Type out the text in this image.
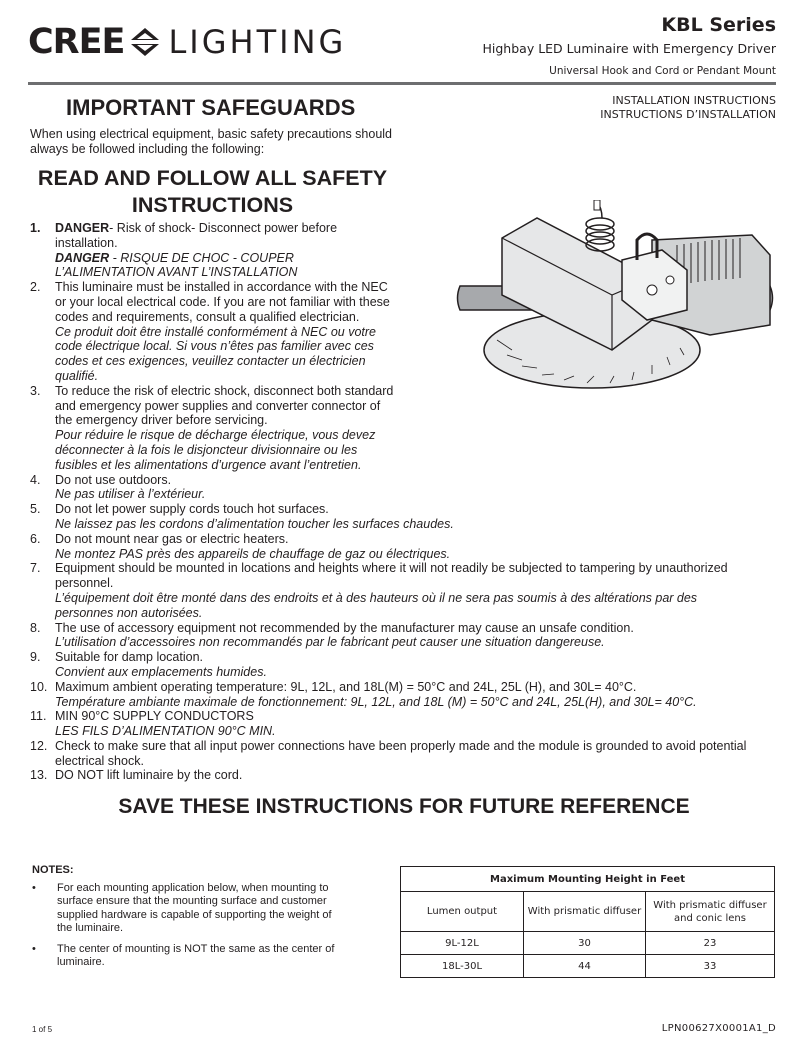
CREE LIGHTING	KBL Series
Highbay LED Luminaire with Emergency Driver
Universal Hook and Cord or Pendant Mount
INSTALLATION INSTRUCTIONS
INSTRUCTIONS D’INSTALLATION
IMPORTANT SAFEGUARDS
When using electrical equipment, basic safety precautions should always be followed including the following:
READ AND FOLLOW ALL SAFETY INSTRUCTIONS
1.	DANGER- Risk of shock- Disconnect power before installation.
DANGER - RISQUE DE CHOC - COUPER L’ALIMENTATION AVANT L’INSTALLATION
2.	This luminaire must be installed in accordance with the NEC or your local electrical code. If you are not familiar with these codes and requirements, consult a qualified electrician.
Ce produit doit être installé conformément à NEC ou votre code électrique local. Si vous n’êtes pas familier avec ces codes et ces exigences, veuillez contacter un électricien qualifié.
3.	To reduce the risk of electric shock, disconnect both standard and emergency power supplies and converter connector of the emergency driver before servicing.
Pour réduire le risque de décharge électrique, vous devez déconnecter à la fois le disjoncteur divisionnaire ou les fusibles et les alimentations d’urgence avant l’entretien.
4.	Do not use outdoors.
Ne pas utiliser à l’extérieur.
5.	Do not let power supply cords touch hot surfaces.
Ne laissez pas les cordons d’alimentation toucher les surfaces chaudes.
6.	Do not mount near gas or electric heaters.
Ne montez PAS près des appareils de chauffage de gaz ou électriques.
7.	Equipment should be mounted in locations and heights where it will not readily be subjected to tampering by unauthorized personnel.
L’équipement doit être monté dans des endroits et à des hauteurs où il ne sera pas soumis à des altérations par des personnes non autorisées.
8.	The use of accessory equipment not recommended by the manufacturer may cause an unsafe condition.
L’utilisation d’accessoires non recommandés par le fabricant peut causer une situation dangereuse.
9.	Suitable for damp location.
Convient aux emplacements humides.
10. Maximum ambient operating temperature: 9L, 12L, and 18L(M) = 50°C and 24L, 25L (H), and 30L= 40°C.
Température ambiante maximale de fonctionnement: 9L, 12L, and 18L (M) = 50°C and 24L, 25L(H), and 30L= 40°C.
11. MIN 90°C SUPPLY CONDUCTORS
LES FILS D’ALIMENTATION 90°C MIN.
12. Check to make sure that all input power connections have been properly made and the module is grounded to avoid potential electrical shock.
13. DO NOT lift luminaire by the cord.
SAVE THESE INSTRUCTIONS FOR FUTURE REFERENCE
NOTES:
•	For each mounting application below, when mounting to surface ensure that the mounting surface and customer supplied hardware is capable of supporting the weight of the luminaire.
•	The center of mounting is NOT the same as the center of luminaire.
Maximum Mounting Height in Feet		
Lumen output	With prismatic diffuser	With prismatic diffuser and conic lens
9L-12L	30	23
18L-30L	44	33
1 of 5	LPN00627X0001A1_D
